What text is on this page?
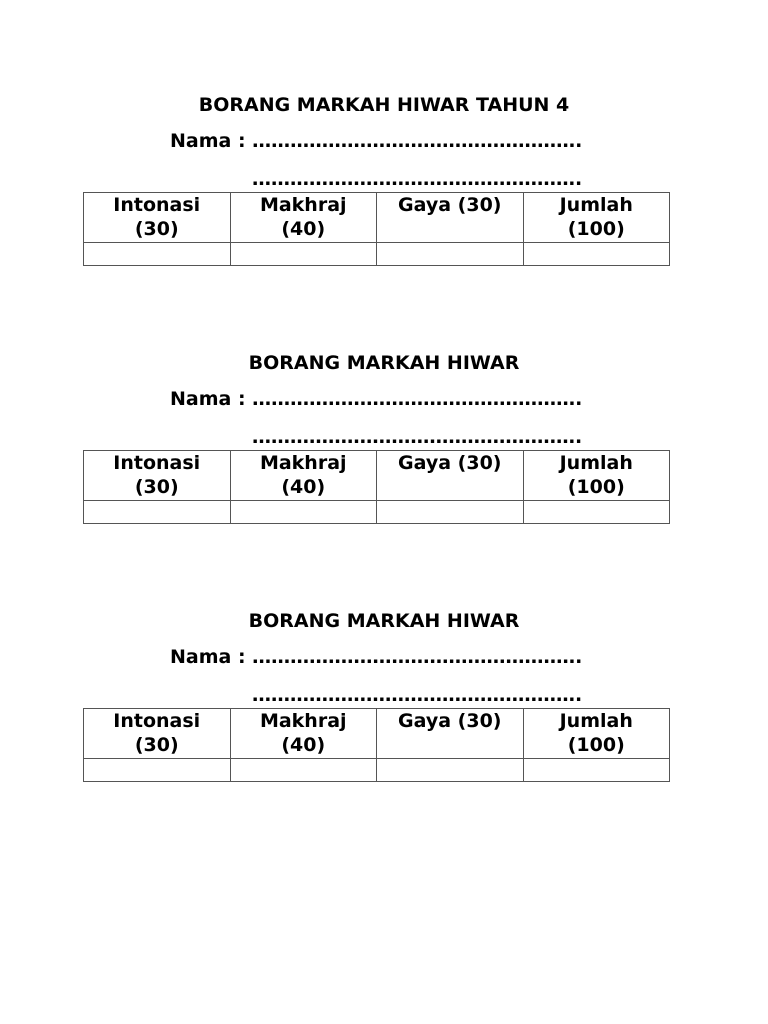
BORANG MARKAH HIWAR TAHUN 4
Nama : …………………………………………….
…………………………………………….
Intonasi
(30)	Makhraj
(40)	Gaya (30)	Jumlah
(100)

BORANG MARKAH HIWAR
Nama : …………………………………………….
…………………………………………….
Intonasi
(30)	Makhraj
(40)	Gaya (30)	Jumlah
(100)

BORANG MARKAH HIWAR
Nama : …………………………………………….
…………………………………………….
Intonasi
(30)	Makhraj
(40)	Gaya (30)	Jumlah
(100)
